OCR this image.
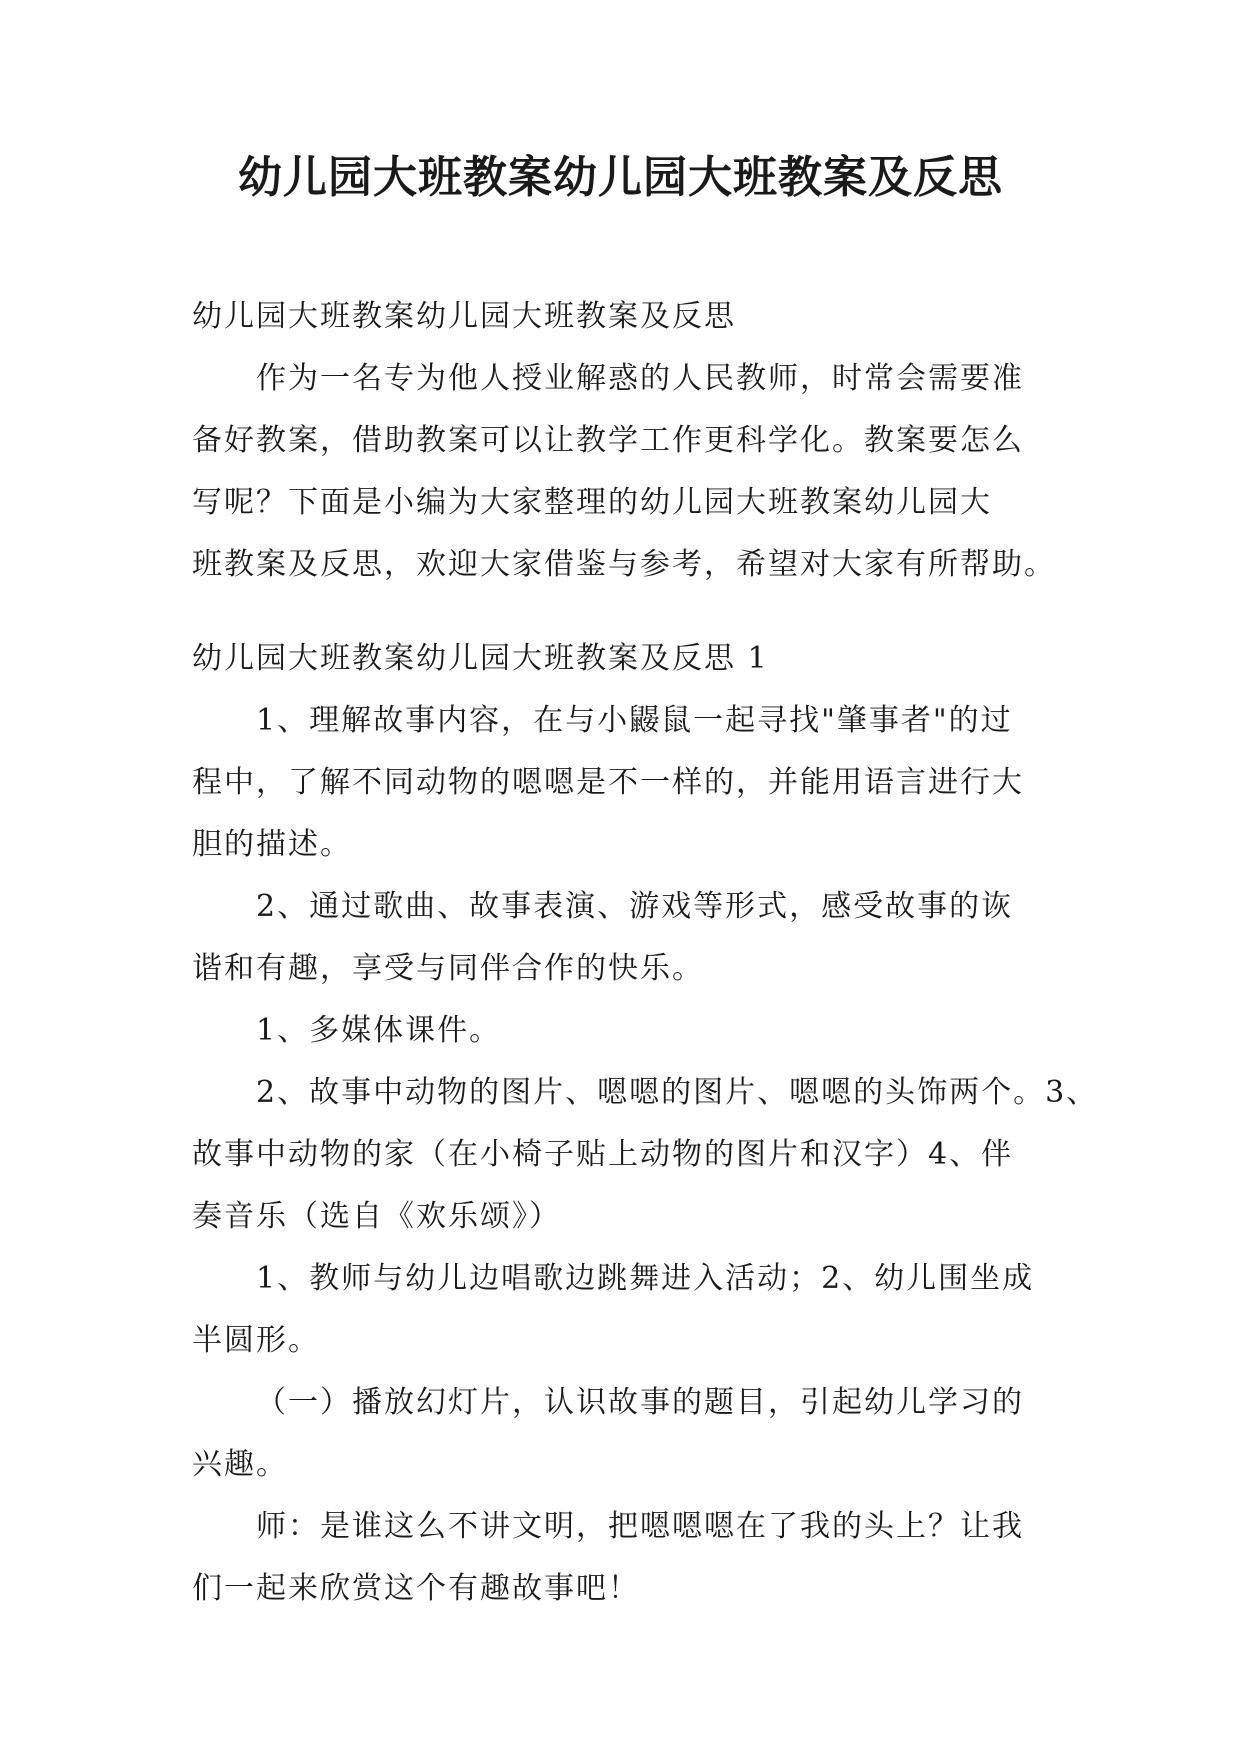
幼儿园大班教案幼儿园大班教案及反思
幼儿园大班教案幼儿园大班教案及反思
作为一名专为他人授业解惑的人民教师，时常会需要准
备好教案，借助教案可以让教学工作更科学化。教案要怎么
写呢？下面是小编为大家整理的幼儿园大班教案幼儿园大
班教案及反思，欢迎大家借鉴与参考，希望对大家有所帮助。
幼儿园大班教案幼儿园大班教案及反思 1
1、理解故事内容，在与小鼹鼠一起寻找"肇事者"的过
程中，了解不同动物的嗯嗯是不一样的，并能用语言进行大
胆的描述。
2、通过歌曲、故事表演、游戏等形式，感受故事的诙
谐和有趣，享受与同伴合作的快乐。
1、多媒体课件。
2、故事中动物的图片、嗯嗯的图片、嗯嗯的头饰两个。3、
故事中动物的家（在小椅子贴上动物的图片和汉字）4、伴
奏音乐（选自《欢乐颂》）
1、教师与幼儿边唱歌边跳舞进入活动；2、幼儿围坐成
半圆形。
（一）播放幻灯片，认识故事的题目，引起幼儿学习的
兴趣。
师：是谁这么不讲文明，把嗯嗯嗯在了我的头上？让我
们一起来欣赏这个有趣故事吧！
